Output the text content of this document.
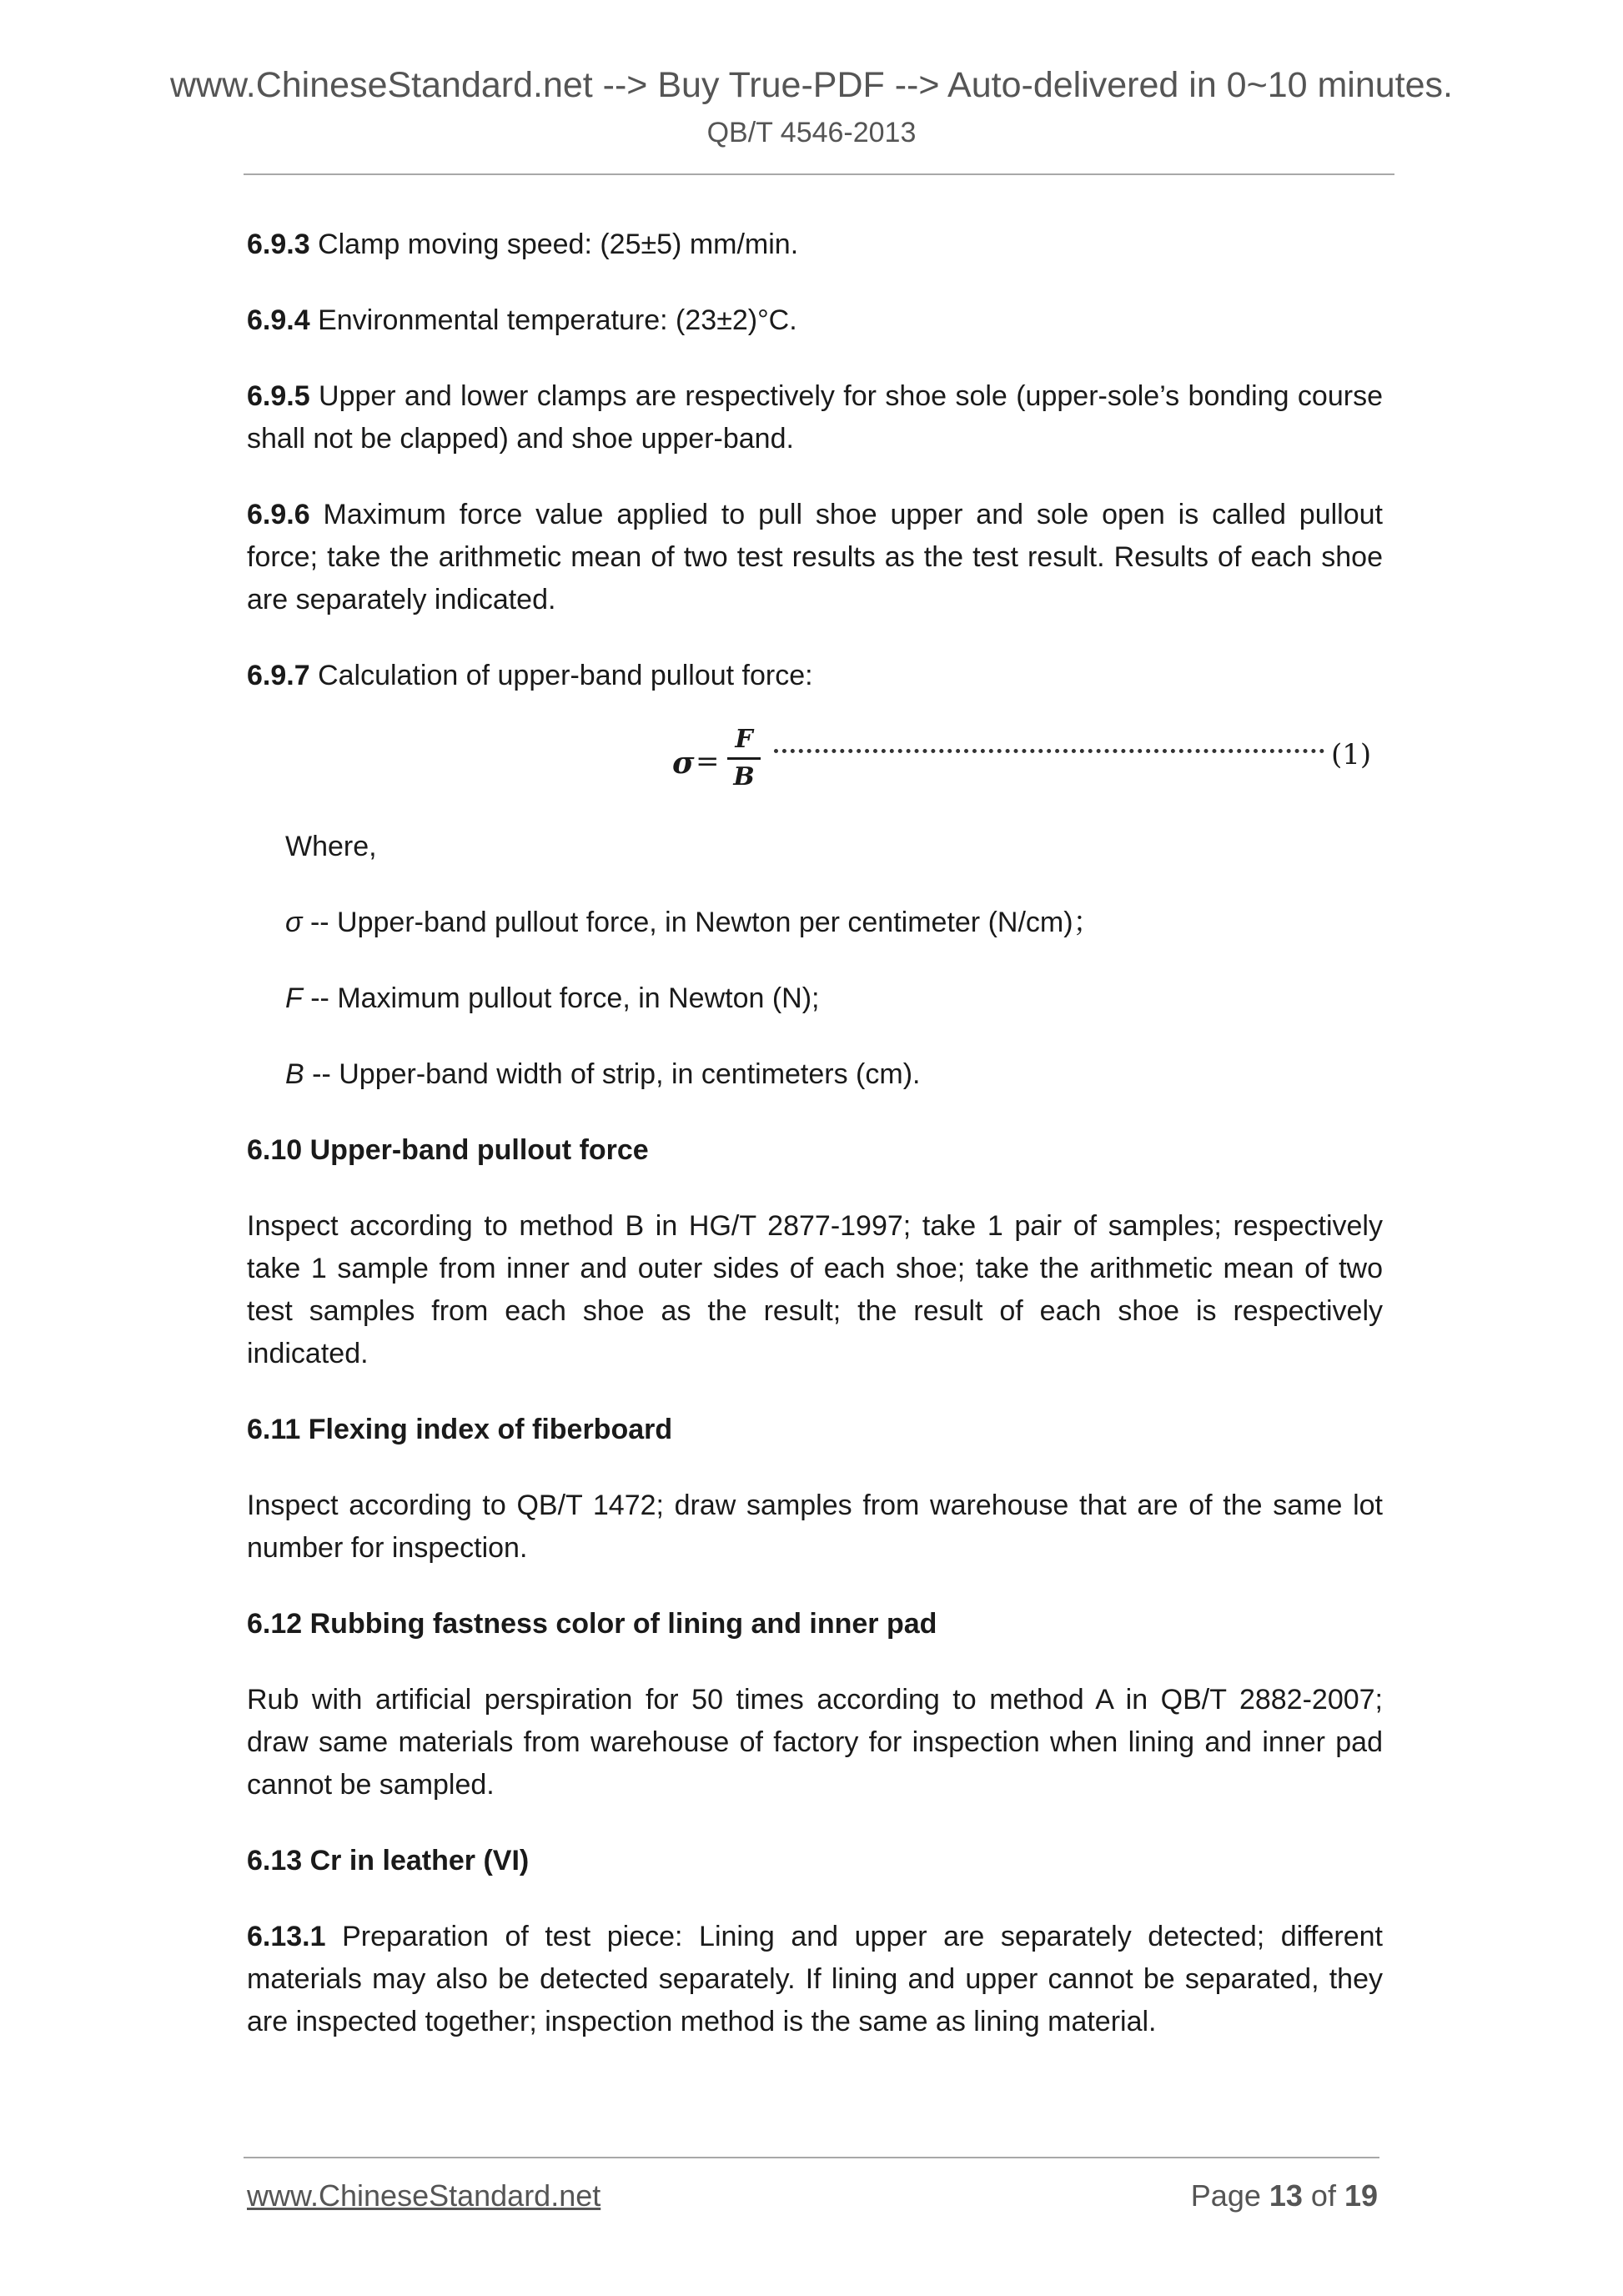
www.ChineseStandard.net --> Buy True-PDF --> Auto-delivered in 0~10 minutes.
QB/T 4546-2013

6.9.3 Clamp moving speed: (25±5) mm/min.

6.9.4 Environmental temperature: (23±2)°C.

6.9.5 Upper and lower clamps are respectively for shoe sole (upper-sole’s bonding course shall not be clapped) and shoe upper-band.

6.9.6 Maximum force value applied to pull shoe upper and sole open is called pullout force; take the arithmetic mean of two test results as the test result. Results of each shoe are separately indicated.

6.9.7 Calculation of upper-band pullout force:

σ =
F
B
(1)

Where,

σ -- Upper-band pullout force, in Newton per centimeter (N/cm)；

F -- Maximum pullout force, in Newton (N);

B -- Upper-band width of strip, in centimeters (cm).

6.10 Upper-band pullout force

Inspect according to method B in HG/T 2877-1997; take 1 pair of samples; respectively take 1 sample from inner and outer sides of each shoe; take the arithmetic mean of two test samples from each shoe as the result; the result of each shoe is respectively indicated.

6.11 Flexing index of fiberboard

Inspect according to QB/T 1472; draw samples from warehouse that are of the same lot number for inspection.

6.12 Rubbing fastness color of lining and inner pad

Rub with artificial perspiration for 50 times according to method A in QB/T 2882-2007; draw same materials from warehouse of factory for inspection when lining and inner pad cannot be sampled.

6.13 Cr in leather (VI)

6.13.1 Preparation of test piece: Lining and upper are separately detected; different materials may also be detected separately. If lining and upper cannot be separated, they are inspected together; inspection method is the same as lining material.

www.ChineseStandard.net	Page 13 of 19
